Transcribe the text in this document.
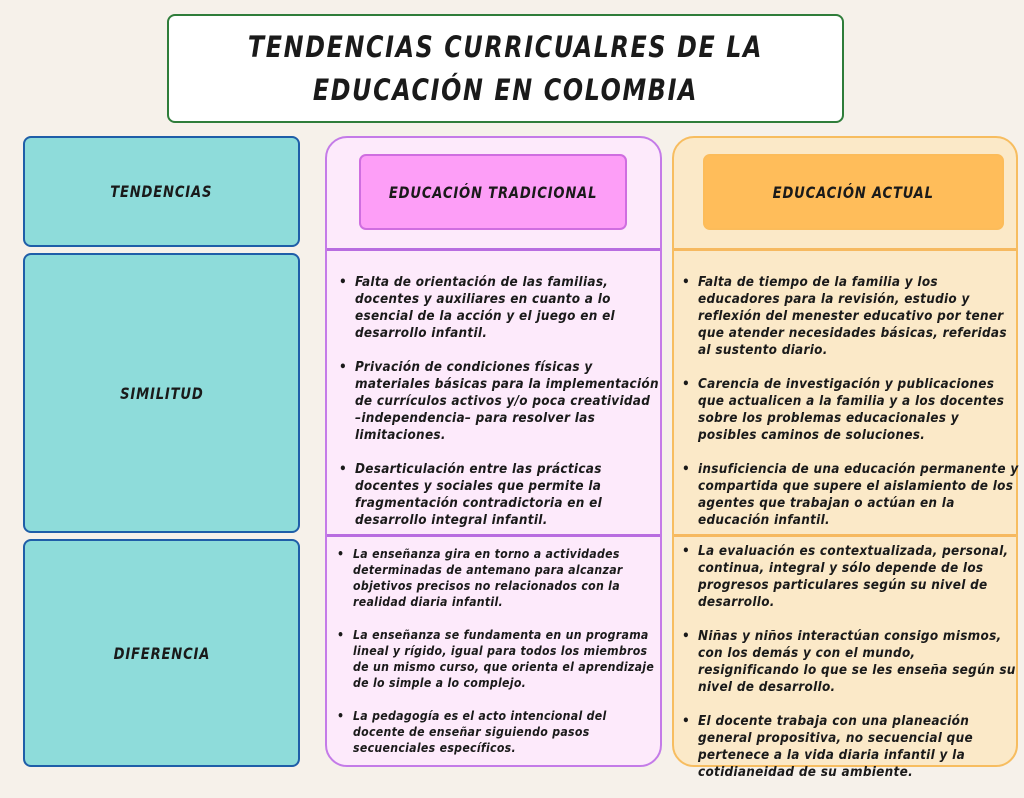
TENDENCIAS CURRICUALRES DE LA EDUCACIÓN EN COLOMBIA
TENDENCIAS
SIMILITUD
DIFERENCIA
EDUCACIÓN TRADICIONAL
• Falta de orientación de las familias, docentes y auxiliares en cuanto a lo esencial de la acción y el juego en el desarrollo infantil.
• Privación de condiciones físicas y materiales básicas para la implementación de currículos activos y/o poca creatividad –independencia– para resolver las limitaciones.
• Desarticulación entre las prácticas docentes y sociales que permite la fragmentación contradictoria en el desarrollo integral infantil.
• La enseñanza gira en torno a actividades determinadas de antemano para alcanzar objetivos precisos no relacionados con la realidad diaria infantil.
• La enseñanza se fundamenta en un programa lineal y rígido, igual para todos los miembros de un mismo curso, que orienta el aprendizaje de lo simple a lo complejo.
• La pedagogía es el acto intencional del docente de enseñar siguiendo pasos secuenciales específicos.
EDUCACIÓN ACTUAL
• Falta de tiempo de la familia y los educadores para la revisión, estudio y reflexión del menester educativo por tener que atender necesidades básicas, referidas al sustento diario.
• Carencia de investigación y publicaciones que actualicen a la familia y a los docentes sobre los problemas educacionales y posibles caminos de soluciones.
• insuficiencia de una educación permanente y compartida que supere el aislamiento de los agentes que trabajan o actúan en la educación infantil.
• La evaluación es contextualizada, personal, continua, integral y sólo depende de los progresos particulares según su nivel de desarrollo.
• Niñas y niños interactúan consigo mismos, con los demás y con el mundo, resignificando lo que se les enseña según su nivel de desarrollo.
• El docente trabaja con una planeación general propositiva, no secuencial que pertenece a la vida diaria infantil y la cotidianeidad de su ambiente.
